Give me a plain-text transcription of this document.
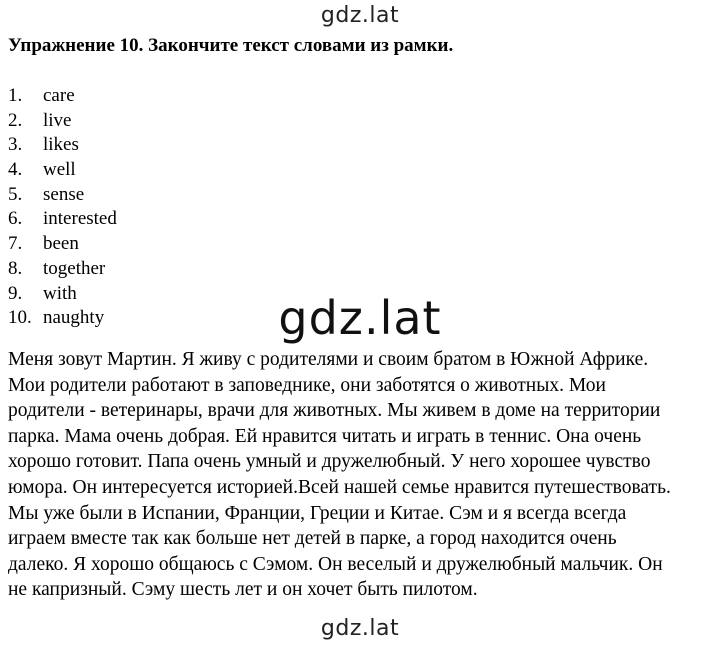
gdz.lat
Упражнение 10. Закончите текст словами из рамки.
1.	care
2.	live
3.	likes
4.	well
5.	sense
6.	interested
7.	been
8.	together
9.	with
10. naughty	gdz.lat
Меня зовут Мартин. Я живу с родителями и своим братом в Южной Африке.
Мои родители работают в заповеднике, они заботятся о животных. Мои
родители - ветеринары, врачи для животных. Мы живем в доме на территории
парка. Мама очень добрая. Ей нравится читать и играть в теннис. Она очень
хорошо готовит. Папа очень умный и дружелюбный. У него хорошее чувство
юмора. Он интересуется историей.Всей нашей семье нравится путешествовать.
Мы уже были в Испании, Франции, Греции и Китае. Сэм и я всегда всегда
играем вместе так как больше нет детей в парке, а город находится очень
далеко. Я хорошо общаюсь с Сэмом. Он веселый и дружелюбный мальчик. Он
не капризный. Сэму шесть лет и он хочет быть пилотом.
gdz.lat
